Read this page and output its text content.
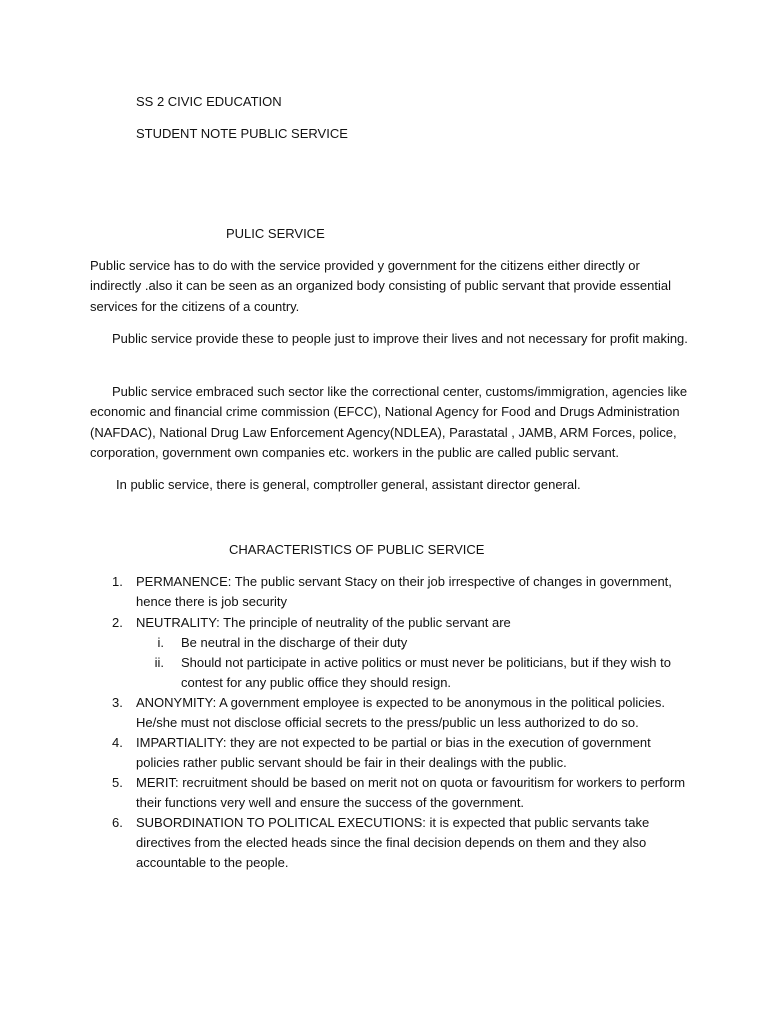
SS 2 CIVIC EDUCATION
STUDENT NOTE PUBLIC SERVICE
PULIC SERVICE

Public service has to do with the service provided y government for the citizens either directly or indirectly .also it can be seen as an organized body consisting of public servant that provide essential services for the citizens of a country.

Public service provide these to people just to improve their lives and not necessary for profit making.

Public service embraced such sector like the correctional center, customs/immigration, agencies like economic and financial crime commission (EFCC), National Agency for Food and Drugs Administration (NAFDAC), National Drug Law Enforcement Agency(NDLEA), Parastatal , JAMB, ARM Forces, police, corporation, government own companies etc. workers in the public are called public servant.

In public service, there is general, comptroller general, assistant director general.

CHARACTERISTICS OF PUBLIC SERVICE
1.	PERMANENCE: The public servant Stacy on their job irrespective of changes in government, hence there is job security
2.	NEUTRALITY: The principle of neutrality of the public servant are
i. Be neutral in the discharge of their duty
ii. Should not participate in active politics or must never be politicians, but if they wish to contest for any public office they should resign.
3.	ANONYMITY: A government employee is expected to be anonymous in the political policies. He/she must not disclose official secrets to the press/public un less authorized to do so.
4.	IMPARTIALITY: they are not expected to be partial or bias in the execution of government policies rather public servant should be fair in their dealings with the public.
5.	MERIT: recruitment should be based on merit not on quota or favouritism for workers to perform their functions very well and ensure the success of the government.
6.	SUBORDINATION TO POLITICAL EXECUTIONS: it is expected that public servants take directives from the elected heads since the final decision depends on them and they also accountable to the people.
